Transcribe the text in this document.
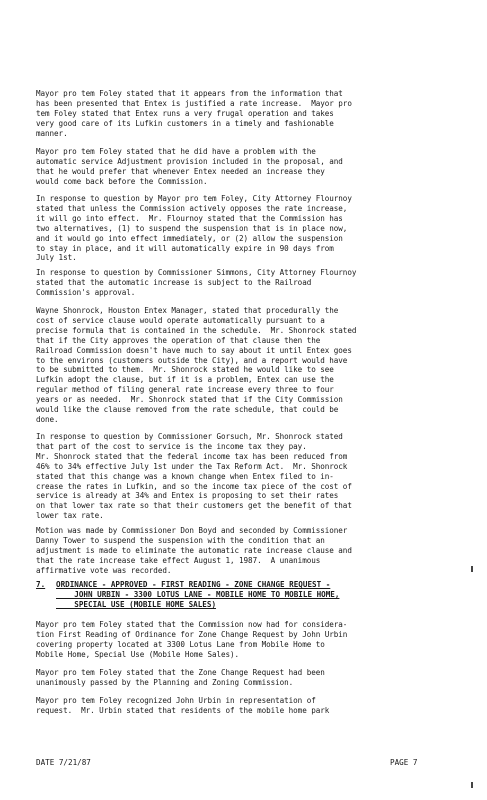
Mayor pro tem Foley stated that it appears from the information that
has been presented that Entex is justified a rate increase.  Mayor pro
tem Foley stated that Entex runs a very frugal operation and takes
very good care of its Lufkin customers in a timely and fashionable
manner.
Mayor pro tem Foley stated that he did have a problem with the
automatic service Adjustment provision included in the proposal, and
that he would prefer that whenever Entex needed an increase they
would come back before the Commission.
In response to question by Mayor pro tem Foley, City Attorney Flournoy
stated that unless the Commission actively opposes the rate increase,
it will go into effect.  Mr. Flournoy stated that the Commission has
two alternatives, (1) to suspend the suspension that is in place now,
and it would go into effect immediately, or (2) allow the suspension
to stay in place, and it will automatically expire in 90 days from
July 1st.
In response to question by Commissioner Simmons, City Attorney Flournoy
stated that the automatic increase is subject to the Railroad
Commission's approval.
Wayne Shonrock, Houston Entex Manager, stated that procedurally the
cost of service clause would operate automatically pursuant to a
precise formula that is contained in the schedule.  Mr. Shonrock stated
that if the City approves the operation of that clause then the
Railroad Commission doesn't have much to say about it until Entex goes
to the environs (customers outside the City), and a report would have
to be submitted to them.  Mr. Shonrock stated he would like to see
Lufkin adopt the clause, but if it is a problem, Entex can use the
regular method of filing general rate increase every three to four
years or as needed.  Mr. Shonrock stated that if the City Commission
would like the clause removed from the rate schedule, that could be
done.
In response to question by Commissioner Gorsuch, Mr. Shonrock stated
that part of the cost to service is the income tax they pay.
Mr. Shonrock stated that the federal income tax has been reduced from
46% to 34% effective July 1st under the Tax Reform Act.  Mr. Shonrock
stated that this change was a known change when Entex filed to in-
crease the rates in Lufkin, and so the income tax piece of the cost of
service is already at 34% and Entex is proposing to set their rates
on that lower tax rate so that their customers get the benefit of that
lower tax rate.
Motion was made by Commissioner Don Boyd and seconded by Commissioner
Danny Tower to suspend the suspension with the condition that an
adjustment is made to eliminate the automatic rate increase clause and
that the rate increase take effect August 1, 1987.  A unanimous
affirmative vote was recorded.
7.	ORDINANCE - APPROVED - FIRST READING - ZONE CHANGE REQUEST -
JOHN URBIN - 3300 LOTUS LANE - MOBILE HOME TO MOBILE HOME,
SPECIAL USE (MOBILE HOME SALES)
Mayor pro tem Foley stated that the Commission now had for considera-
tion First Reading of Ordinance for Zone Change Request by John Urbin
covering property located at 3300 Lotus Lane from Mobile Home to
Mobile Home, Special Use (Mobile Home Sales).
Mayor pro tem Foley stated that the Zone Change Request had been
unanimously passed by the Planning and Zoning Commission.
Mayor pro tem Foley recognized John Urbin in representation of
request.  Mr. Urbin stated that residents of the mobile home park
DATE 7/21/87	PAGE 7
